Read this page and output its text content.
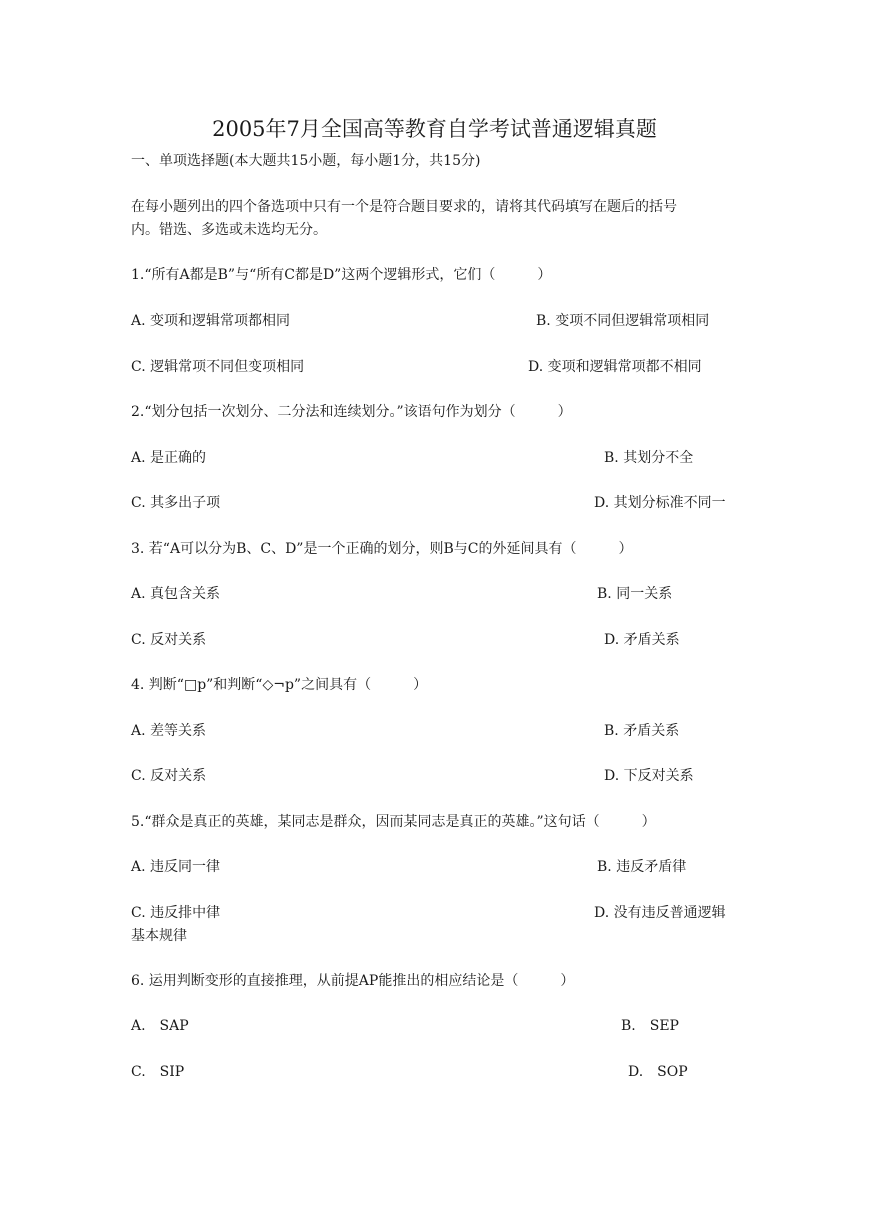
2005年7月全国高等教育自学考试普通逻辑真题
一、单项选择题(本大题共15小题，每小题1分，共15分)
在每小题列出的四个备选项中只有一个是符合题目要求的，请将其代码填写在题后的括号
内。错选、多选或未选均无分。
1.“所有A都是B”与“所有C都是D”这两个逻辑形式，它们（　　　）
A. 变项和逻辑常项都相同	B. 变项不同但逻辑常项相同
C. 逻辑常项不同但变项相同	D. 变项和逻辑常项都不相同
2.“划分包括一次划分、二分法和连续划分。”该语句作为划分（　　　）
A. 是正确的	B. 其划分不全
C. 其多出子项	D. 其划分标准不同一
3. 若“A可以分为B、C、D”是一个正确的划分，则B与C的外延间具有（　　　）
A. 真包含关系	B. 同一关系
C. 反对关系	D. 矛盾关系
4. 判断“□p”和判断“◇¬p”之间具有（　　　）
A. 差等关系	B. 矛盾关系
C. 反对关系	D. 下反对关系
5.“群众是真正的英雄，某同志是群众，因而某同志是真正的英雄。”这句话（　　　）
A. 违反同一律	B. 违反矛盾律
C. 违反排中律	D. 没有违反普通逻辑
基本规律
6. 运用判断变形的直接推理，从前提AP能推出的相应结论是（　　　）
A.　SAP	B.　SEP
C.　SIP	D.　SOP
